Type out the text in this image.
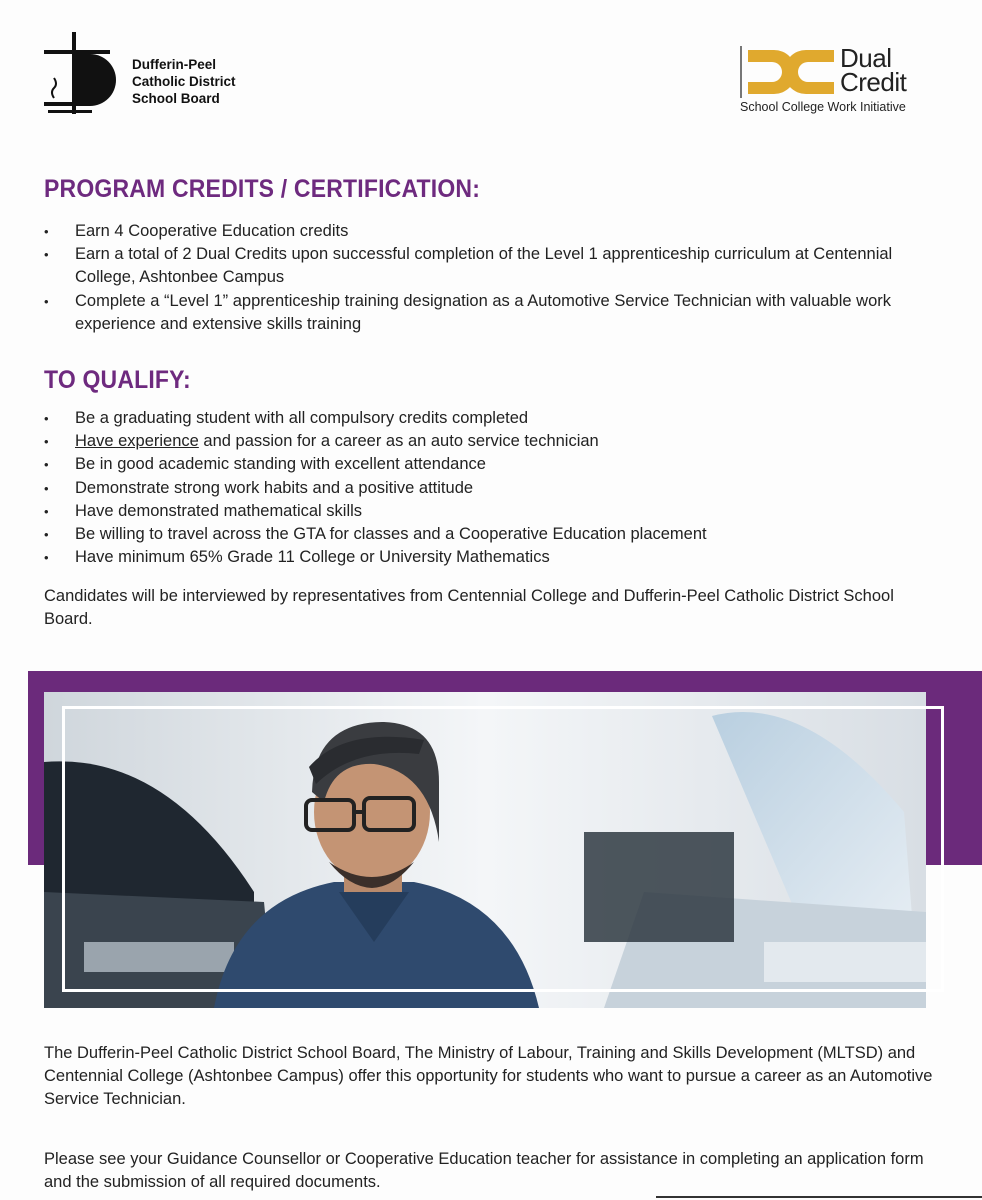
Dufferin-Peel
Catholic District
School Board
Dual
Credit
School College Work Initiative
PROGRAM CREDITS / CERTIFICATION:
• Earn 4 Cooperative Education credits
• Earn a total of 2 Dual Credits upon successful completion of the Level 1 apprenticeship curriculum at Centennial College, Ashtonbee Campus
• Complete a “Level 1” apprenticeship training designation as a Automotive Service Technician with valuable work experience and extensive skills training
TO QUALIFY:
• Be a graduating student with all compulsory credits completed
• Have experience and passion for a career as an auto service technician
• Be in good academic standing with excellent attendance
• Demonstrate strong work habits and a positive attitude
• Have demonstrated mathematical skills
• Be willing to travel across the GTA for classes and a Cooperative Education placement
• Have minimum 65% Grade 11 College or University Mathematics
Candidates will be interviewed by representatives from Centennial College and Dufferin-Peel Catholic District School Board.
The Dufferin-Peel Catholic District School Board, The Ministry of Labour, Training and Skills Development (MLTSD) and Centennial College (Ashtonbee Campus) offer this opportunity for students who want to pursue a career as an Automotive Service Technician.
Please see your Guidance Counsellor or Cooperative Education teacher for assistance in completing an application form and the submission of all required documents.
